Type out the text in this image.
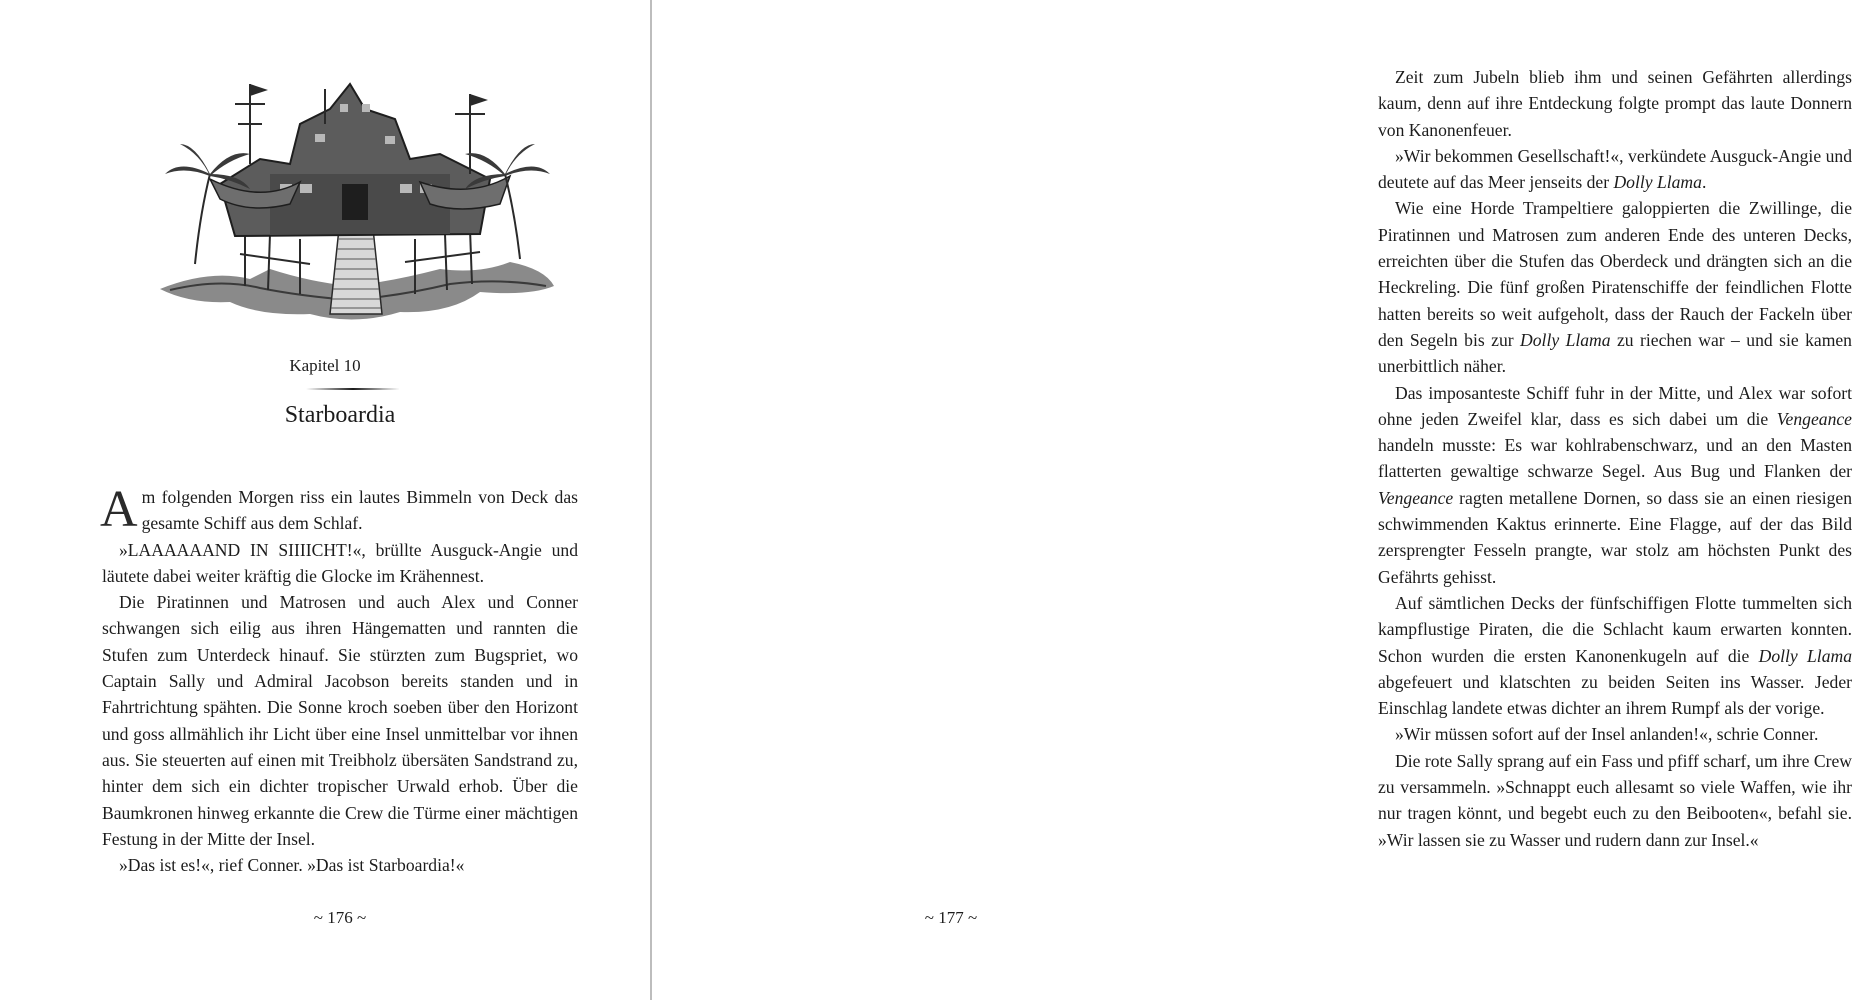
Kapitel 10
Starboardia

Am folgenden Morgen riss ein lautes Bimmeln von Deck das gesamte Schiff aus dem Schlaf.

»LAAAAAAND IN SIIIICHT!«, brüllte Ausguck-Angie und läutete dabei weiter kräftig die Glocke im Krähennest.

Die Piratinnen und Matrosen und auch Alex und Conner schwangen sich eilig aus ihren Hängematten und rannten die Stufen zum Unterdeck hinauf. Sie stürzten zum Bugspriet, wo Captain Sally und Admiral Jacobson bereits standen und in Fahrtrichtung spähten. Die Sonne kroch soeben über den Horizont und goss allmählich ihr Licht über eine Insel unmittelbar vor ihnen aus. Sie steuerten auf einen mit Treibholz übersäten Sandstrand zu, hinter dem sich ein dichter tropischer Urwald erhob. Über die Baumkronen hinweg erkannte die Crew die Türme einer mächtigen Festung in der Mitte der Insel.

»Das ist es!«, rief Conner. »Das ist Starboardia!«

~ 176 ~

Zeit zum Jubeln blieb ihm und seinen Gefährten allerdings kaum, denn auf ihre Entdeckung folgte prompt das laute Donnern von Kanonenfeuer.

»Wir bekommen Gesellschaft!«, verkündete Ausguck-Angie und deutete auf das Meer jenseits der Dolly Llama.

Wie eine Horde Trampeltiere galoppierten die Zwillinge, die Piratinnen und Matrosen zum anderen Ende des unteren Decks, erreichten über die Stufen das Oberdeck und drängten sich an die Heckreling. Die fünf großen Piratenschiffe der feindlichen Flotte hatten bereits so weit aufgeholt, dass der Rauch der Fackeln über den Segeln bis zur Dolly Llama zu riechen war – und sie kamen unerbittlich näher.

Das imposanteste Schiff fuhr in der Mitte, und Alex war sofort ohne jeden Zweifel klar, dass es sich dabei um die Vengeance handeln musste: Es war kohlrabenschwarz, und an den Masten flatterten gewaltige schwarze Segel. Aus Bug und Flanken der Vengeance ragten metallene Dornen, so dass sie an einen riesigen schwimmenden Kaktus erinnerte. Eine Flagge, auf der das Bild zersprengter Fesseln prangte, war stolz am höchsten Punkt des Gefährts gehisst.

Auf sämtlichen Decks der fünfschiffigen Flotte tummelten sich kampflustige Piraten, die die Schlacht kaum erwarten konnten. Schon wurden die ersten Kanonenkugeln auf die Dolly Llama abgefeuert und klatschten zu beiden Seiten ins Wasser. Jeder Einschlag landete etwas dichter an ihrem Rumpf als der vorige.

»Wir müssen sofort auf der Insel anlanden!«, schrie Conner.

Die rote Sally sprang auf ein Fass und pfiff scharf, um ihre Crew zu versammeln. »Schnappt euch allesamt so viele Waffen, wie ihr nur tragen könnt, und begebt euch zu den Beibooten«, befahl sie. »Wir lassen sie zu Wasser und rudern dann zur Insel.«

~ 177 ~
